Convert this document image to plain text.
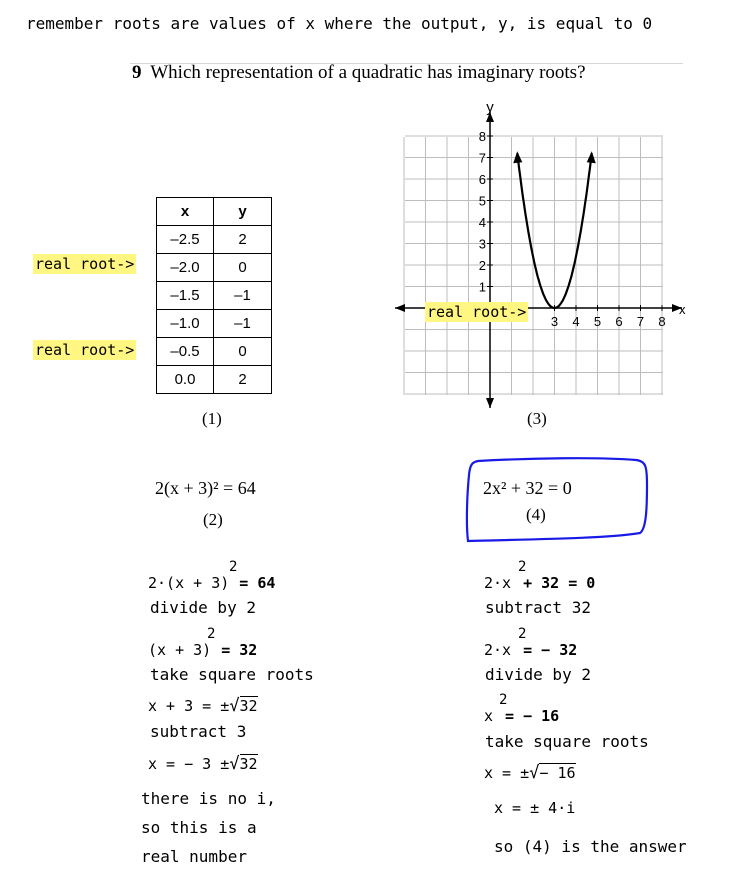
remember roots are values of x where the output, y, is equal to 0
9 Which representation of a quadratic has imaginary roots?
x	y
–2.5	2
–2.0	0
–1.5	–1
–1.0	–1
–0.5	0
0.0	2
real root->
real root->
(1)
1
2
3
4
5
6
7
8
3 4 5 6 7 8
y
x
real root->
(3)
2(x + 3)² = 64
(2)
2x² + 32 = 0
(4)
2·(x + 3) = 64
2
divide by 2
(x + 3) = 32
2
take square roots
x + 3 = ±√32
subtract 3
x = − 3 ±√32
there is no i,
so this is a
real number
2·x + 32 = 0
2
subtract 32
2·x = − 32
2
divide by 2
x = − 16
2
take square roots
x = ±√− 16
x = ± 4·i
so (4) is the answer
